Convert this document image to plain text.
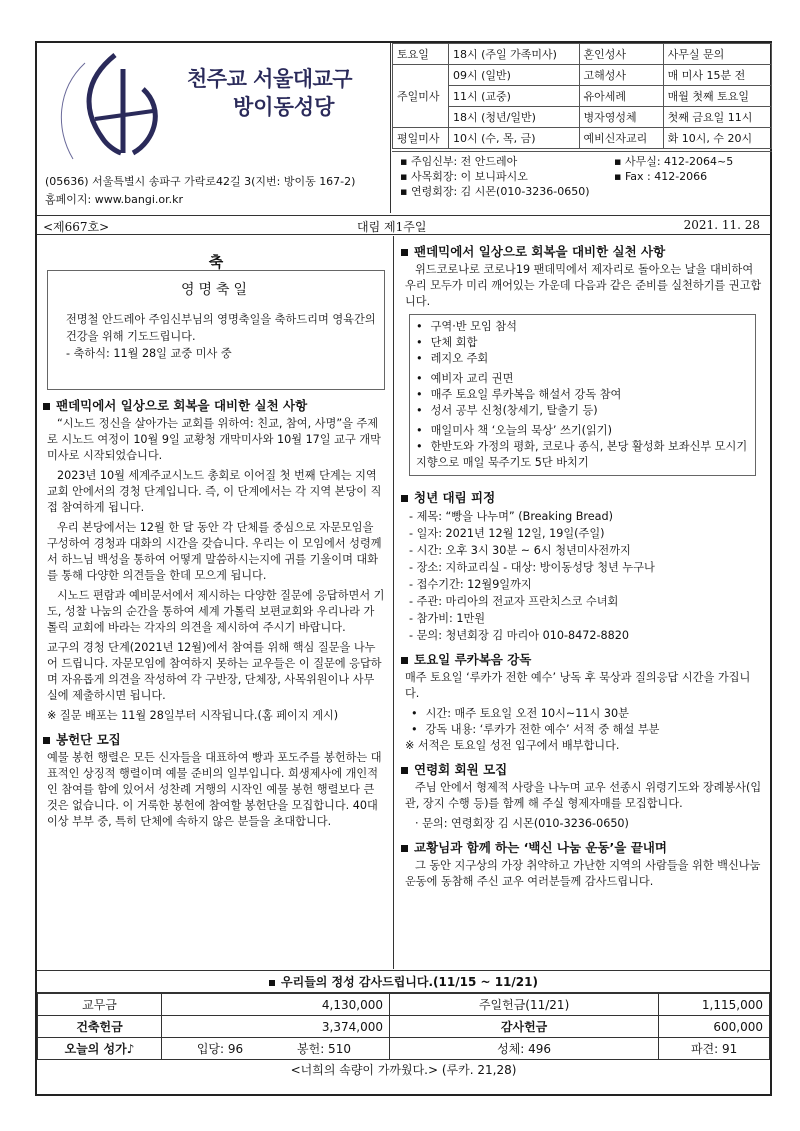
천주교 서울대교구
방이동성당
(05636) 서울특별시 송파구 가락로42길 3(지번: 방이동 167-2)
홈페이지: www.bangi.or.kr
토요일	18시 (주일 가족미사)	혼인성사	사무실 문의
주일미사	09시 (일반)	고해성사	매 미사 15분 전
	11시 (교중)	유아세례	매월 첫째 토요일
	18시 (청년/일반)	병자영성체	첫째 금요일 11시
평일미사	10시 (수, 목, 금)	예비신자교리	화 10시, 수 20시
▪ 주임신부: 전 안드레아
▪ 사목회장: 이 보니파시오
▪ 연령회장: 김 시몬(010-3236-0650)
▪ 사무실: 412-2064~5
▪ Fax : 412-2066
<제667호>	대림 제1주일	2021. 11. 28
축
영명축일
전명철 안드레아 주임신부님의 영명축일을 축하드리며 영육간의 건강을 위해 기도드립니다.
- 축하식: 11월 28일 교중 미사 중
팬데믹에서 일상으로 회복을 대비한 실천 사항

“시노드 정신을 살아가는 교회를 위하여: 친교, 참여, 사명”을 주제로 시노드 여정이 10월 9일 교황청 개막미사와 10월 17일 교구 개막미사로 시작되었습니다.

2023년 10월 세계주교시노드 총회로 이어질 첫 번째 단계는 지역 교회 안에서의 경청 단계입니다. 즉, 이 단계에서는 각 지역 본당이 직접 참여하게 됩니다.

우리 본당에서는 12월 한 달 동안 각 단체를 중심으로 자문모임을 구성하여 경청과 대화의 시간을 갖습니다. 우리는 이 모임에서 성령께서 하느님 백성을 통하여 어떻게 말씀하시는지에 귀를 기울이며 대화를 통해 다양한 의견들을 한데 모으게 됩니다.

시노드 편람과 예비문서에서 제시하는 다양한 질문에 응답하면서 기도, 성찰 나눔의 순간을 통하여 세계 가톨릭 보편교회와 우리나라 가톨릭 교회에 바라는 각자의 의견을 제시하여 주시기 바랍니다.

교구의 경청 단계(2021년 12월)에서 참여를 위해 핵심 질문을 나누어 드립니다. 자문모임에 참여하지 못하는 교우들은 이 질문에 응답하며 자유롭게 의견을 작성하여 각 구반장, 단체장, 사목위원이나 사무실에 제출하시면 됩니다.

※ 질문 배포는 11월 28일부터 시작됩니다.(홈 페이지 게시)

봉헌단 모집

예물 봉헌 행렬은 모든 신자들을 대표하여 빵과 포도주를 봉헌하는 대표적인 상징적 행렬이며 예물 준비의 일부입니다. 희생제사에 개인적인 참여를 함에 있어서 성찬례 거행의 시작인 예물 봉헌 행렬보다 큰 것은 없습니다. 이 거룩한 봉헌에 참여할 봉헌단을 모집합니다. 40대 이상 부부 중, 특히 단체에 속하지 않은 분들을 초대합니다.

팬데믹에서 일상으로 회복을 대비한 실천 사항

위드코로나로 코로나19 팬데믹에서 제자리로 돌아오는 날을 대비하여 우리 모두가 미리 깨어있는 가운데 다음과 같은 준비를 실천하기를 권고합니다.

• 구역·반 모임 참석
• 단체 회합
• 레지오 주회
• 예비자 교리 권면
• 매주 토요일 루카복음 해설서 강독 참여
• 성서 공부 신청(창세기, 탈출기 등)
• 매일미사 책 ‘오늘의 묵상’ 쓰기(읽기)
• 한반도와 가정의 평화, 코로나 종식, 본당 활성화 보좌신부 모시기 지향으로 매일 묵주기도 5단 바치기
청년 대림 피정
- 제목: “빵을 나누며” (Breaking Bread)
- 일자: 2021년 12월 12일, 19일(주일)
- 시간: 오후 3시 30분 ~ 6시 청년미사전까지
- 장소: 지하교리실 - 대상: 방이동성당 청년 누구나
- 접수기간: 12월9일까지
- 주관: 마리아의 전교자 프란치스코 수녀회
- 참가비: 1만원
- 문의: 청년회장 김 마리아 010-8472-8820
토요일 루카복음 강독

매주 토요일 ‘루카가 전한 예수’ 낭독 후 묵상과 질의응답 시간을 가집니다.

• 시간: 매주 토요일 오전 10시~11시 30분
• 강독 내용: ‘루카가 전한 예수’ 서적 중 해설 부분

※ 서적은 토요일 성전 입구에서 배부합니다.

연령회 회원 모집

주님 안에서 형제적 사랑을 나누며 교우 선종시 위령기도와 장례봉사(입관, 장지 수행 등)를 함께 해 주실 형제자매를 모집합니다.

· 문의: 연령회장 김 시몬(010-3236-0650)

교황님과 함께 하는 ‘백신 나눔 운동’을 끝내며

그 동안 지구상의 가장 취약하고 가난한 지역의 사람들을 위한 백신나눔운동에 동참해 주신 교우 여러분들께 감사드립니다.

우리들의 정성 감사드립니다.(11/15 ~ 11/21)
교무금	4,130,000	주일헌금(11/21)	1,115,000
건축헌금	3,374,000	감사헌금	600,000
오늘의 성가♪	입당: 96 봉헌: 510	성체: 496	파견: 91
<너희의 속량이 가까웠다.> (루카. 21,28)
